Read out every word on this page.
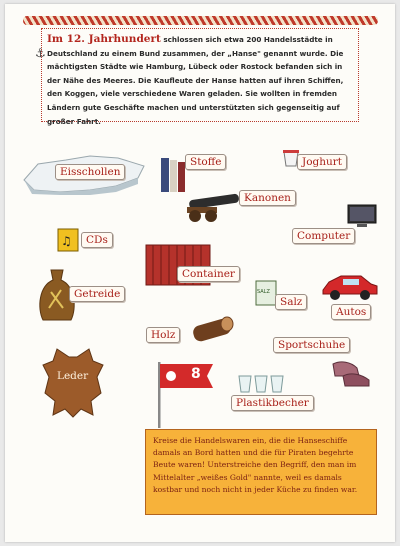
⚓
Im 12. Jahrhundert schlossen sich etwa 200 Handelsstädte in Deutschland zu einem Bund zusammen, der „Hanse" genannt wurde. Die mächtigsten Städte wie Hamburg, Lübeck oder Rostock befanden sich in der Nähe des Meeres. Die Kaufleute der Hanse hatten auf ihren Schiffen, den Koggen, viele verschiedene Waren geladen. Sie wollten in fremden Ländern gute Geschäfte machen und unterstützten sich gegenseitig auf großer Fahrt.
Eisschollen
Stoffe	Joghurt
Kanonen
Computer
♫	CDs
Container
Getreide	SALZ
Salz
Autos
Holz
Sportschuhe
Leder	8
Plastikbecher
Kreise die Handelswaren ein, die die Hanseschiffe damals an Bord hatten und die für Piraten begehrte Beute waren! Unterstreiche den Begriff, den man im Mittelalter „weißes Gold" nannte, weil es damals kostbar und noch nicht in jeder Küche zu finden war.
